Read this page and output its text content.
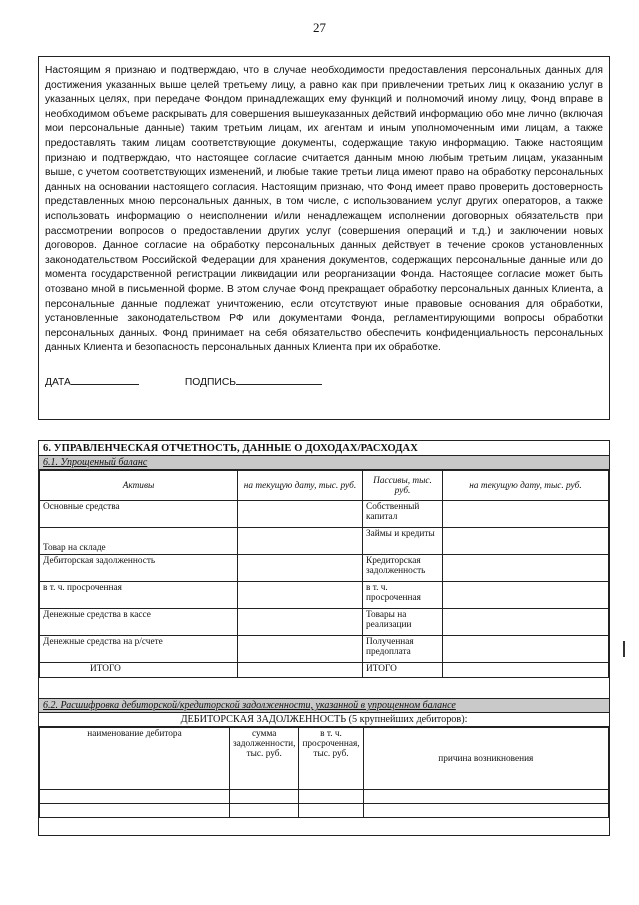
27

Настоящим я признаю и подтверждаю, что в случае необходимости предоставления персональных данных для достижения указанных выше целей третьему лицу, а равно как при привлечении третьих лиц к оказанию услуг в указанных целях, при передаче Фондом принадлежащих ему функций и полномочий иному лицу, Фонд вправе в необходимом объеме раскрывать для совершения вышеуказанных действий информацию обо мне лично (включая мои персональные данные) таким третьим лицам, их агентам и иным уполномоченным ими лицам, а также предоставлять таким лицам соответствующие документы, содержащие такую информацию. Также настоящим признаю и подтверждаю, что настоящее согласие считается данным мною любым третьим лицам, указанным выше, с учетом соответствующих изменений, и любые такие третьи лица имеют право на обработку персональных данных на основании настоящего согласия. Настоящим признаю, что Фонд имеет право проверить достоверность представленных мною персональных данных, в том числе, с использованием услуг других операторов, а также использовать информацию о неисполнении и/или ненадлежащем исполнении договорных обязательств при рассмотрении вопросов о предоставлении других услуг (совершения операций и т.д.) и заключении новых договоров. Данное согласие на обработку персональных данных действует в течение сроков установленных законодательством Российской Федерации для хранения документов, содержащих персональные данные или до момента государственной регистрации ликвидации или реорганизации Фонда. Настоящее согласие может быть отозвано мной в письменной форме. В этом случае Фонд прекращает обработку персональных данных Клиента, а персональные данные подлежат уничтожению, если отсутствуют иные правовые основания для обработки, установленные законодательством РФ или документами Фонда, регламентирующими вопросы обработки персональных данных. Фонд принимает на себя обязательство обеспечить конфиденциальность персональных данных Клиента и безопасность персональных данных Клиента при их обработке.

ДАТА	ПОДПИСЬ
6. УПРАВЛЕНЧЕСКАЯ ОТЧЕТНОСТЬ, ДАННЫЕ О ДОХОДАХ/РАСХОДАХ
6.1. Упрощенный баланс
Активы	на текущую дату, тыс. руб.	Пассивы, тыс. руб.	на текущую дату, тыс. руб.
Основные средства		Собственный капитал	
Товар на складе		Займы и кредиты	
Дебиторская задолженность		Кредиторская задолженность	
в т. ч. просроченная		в т. ч. просроченная	
Денежные средства в кассе		Товары на реализации	
Денежные средства на р/счете		Полученная предоплата	
ИТОГО		ИТОГО	
6.2. Расшифровка дебиторской/кредиторской задолженности, указанной в упрощенном балансе
ДЕБИТОРСКАЯ ЗАДОЛЖЕННОСТЬ (5 крупнейших дебиторов):
наименование дебитора	сумма задолженности, тыс. руб.	в т. ч. просроченная, тыс. руб.	причина возникновения
